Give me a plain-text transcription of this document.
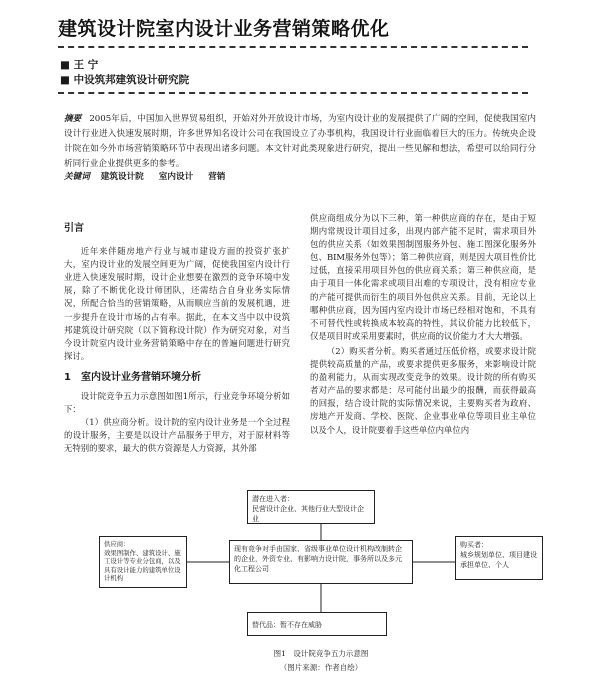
建筑设计院室内设计业务营销策略优化
■ 王 宁
■ 中设筑邦建筑设计研究院
摘要 2005年后，中国加入世界贸易组织，开始对外开放设计市场，为室内设计业的发展提供了广阔的空间，促使我国室内设计行业进入快速发展时期，许多世界知名设计公司在我国设立了办事机构，我国设计行业面临着巨大的压力。传统央企设计院在如今外市场营销策略环节中表现出诸多问题。本文针对此类现象进行研究，提出一些见解和想法，希望可以给同行分析同行业企业提供更多的参考。
关键词 建筑设计院 室内设计 营销

引言

近年来伴随房地产行业与城市建设方面的投资扩张扩大，室内设计业的发展空间更为广阔，促使我国室内设计行业进入快速发展时期，设计企业想要在激烈的竞争环境中发展，除了不断优化设计师团队，还需结合自身业务实际情况，所配合恰当的营销策略，从而顺应当前的发展机遇，进一步提升在设计市场的占有率。据此，在本文当中以中设筑邦建筑设计研究院（以下简称设计院）作为研究对象，对当今设计院室内设计业务营销策略中存在的普遍问题进行研究探讨。

1　室内设计业务营销环境分析

设计院竞争五力示意图如图1所示，行业竞争环境分析如下：

（1）供应商分析。设计院的室内设计业务是一个全过程的设计服务，主要是以设计产品服务于甲方，对于原材料等无特别的要求，最大的供方资源是人力资源，其外部

供应商组成分为以下三种，第一种供应商的存在，是由于短期内常规设计项目过多，出现内部产能不足时，需求项目外包的供应关系（如效果图制图服务外包、施工图深化服务外包、BIM服务外包等）；第二种供应商，则是因大项目性价比过低，直接采用项目外包的供应商关系；第三种供应商，是由于项目一体化需求或项目出难的专项设计，没有相应专业的产能可提供而衍生的项目外包供应关系。目前，无论以上哪种供应商，因为国内室内设计市场已经相对饱和，不具有不可替代性或转换成本较高的特性，其议价能力比较低下，仅是项目时或采用要素时，供应商的议价能力才大大增强。

（2）购买者分析。购买者通过压低价格，或要求设计院提供较高质量的产品，或要求提供更多服务，来影响设计院的盈利能力，从而实现改变竞争的效果。设计院的所有购买者对产品的要求都是：尽可能付出最少的报酬，而获得最高的回报，结合设计院的实际情况来说，主要购买者为政府、房地产开发商、学校、医院、企业事业单位等项目业主单位以及个人，设计院要着手这些单位内单位内

潜在进入者：
民营设计企业、其他行业大型设计企业
供应商：
效果图制作、建筑设计、施工设计等专业分包商，以及具有设计能力的建筑单位设计机构
现有竞争对手由国家、省级事业单位设计机构改制转企的企业，外资专业、有影响力设计院，事务所以及多元化工程公司
购买者：
城乡规划单位、项目建设承担单位、个人
替代品：暂不存在威胁
图1　设计院竞争五力示意图
（图片来源：作者自绘）
